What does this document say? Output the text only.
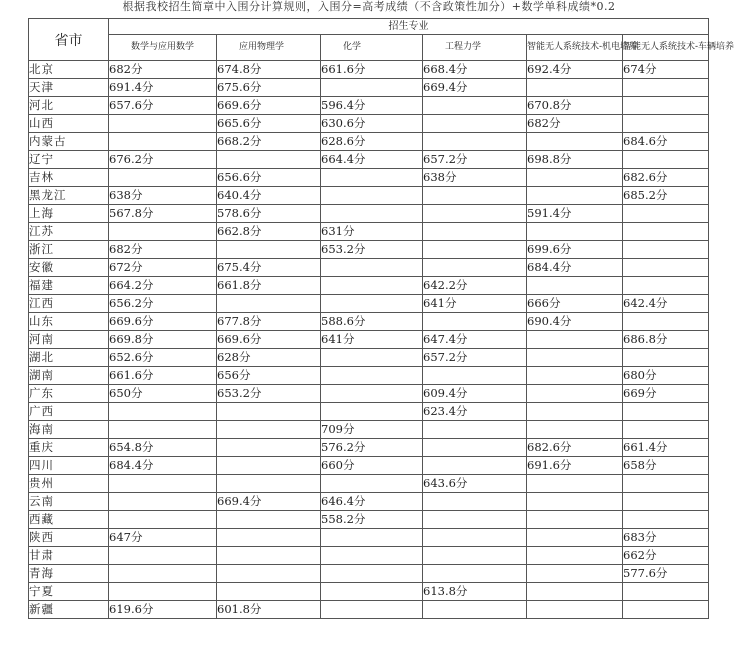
根据我校招生简章中入围分计算规则，入围分=高考成绩（不含政策性加分）+数学单科成绩*0.2
省市	招生专业					
	数学与应用数学	应用物理学	化学	工程力学	智能无人系统技术-机电培养	智能无人系统技术-车辆培养
北京	682分	674.8分	661.6分	668.4分	692.4分	674分
天津	691.4分	675.6分		669.4分		
河北	657.6分	669.6分	596.4分		670.8分	
山西		665.6分	630.6分		682分	
内蒙古		668.2分	628.6分			684.6分
辽宁	676.2分		664.4分	657.2分	698.8分	
吉林		656.6分		638分		682.6分
黑龙江	638分	640.4分				685.2分
上海	567.8分	578.6分			591.4分	
江苏		662.8分	631分			
浙江	682分		653.2分		699.6分	
安徽	672分	675.4分			684.4分	
福建	664.2分	661.8分		642.2分		
江西	656.2分			641分	666分	642.4分
山东	669.6分	677.8分	588.6分		690.4分	
河南	669.8分	669.6分	641分	647.4分		686.8分
湖北	652.6分	628分		657.2分		
湖南	661.6分	656分				680分
广东	650分	653.2分		609.4分		669分
广西				623.4分		
海南			709分			
重庆	654.8分		576.2分		682.6分	661.4分
四川	684.4分		660分		691.6分	658分
贵州				643.6分		
云南		669.4分	646.4分			
西藏			558.2分			
陕西	647分					683分
甘肃						662分
青海						577.6分
宁夏				613.8分		
新疆	619.6分	601.8分				
